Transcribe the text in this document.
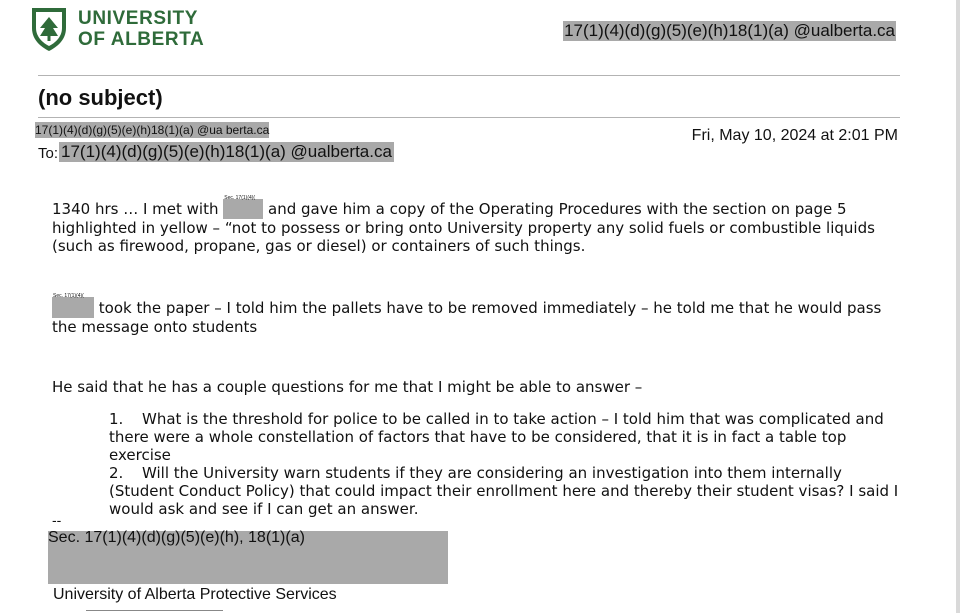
UNIVERSITY
OF ALBERTA	17(1)(4)(d)(g)(5)(e)(h)18(1)(a) @ualberta.ca
(no subject)
17(1)(4)(d)(g)(5)(e)(h)18(1)(a) @ua berta.ca
To: 17(1)(4)(d)(g)(5)(e)(h)18(1)(a) @ualberta.ca
Fri, May 10, 2024 at 2:01 PM
1340 hrs … I met with
Sec. 17(1)(4)(
and gave him a copy of the Operating Procedures with the section on page 5 highlighted in yellow – “not to possess or bring onto University property any solid fuels or combustible liquids (such as firewood, propane, gas or diesel) or containers of such things.
Sec. 17(1)(4)(
took the paper – I told him the pallets have to be removed immediately – he told me that he would pass the message onto students
He said that he has a couple questions for me that I might be able to answer –
1. What is the threshold for police to be called in to take action – I told him that was complicated and there were a whole constellation of factors that have to be considered, that it is in fact a table top exercise
2. Will the University warn students if they are considering an investigation into them internally (Student Conduct Policy) that could impact their enrollment here and thereby their student visas? I said I would ask and see if I can get an answer.
--
Sec. 17(1)(4)(d)(g)(5)(e)(h), 18(1)(a)
University of Alberta Protective Services
